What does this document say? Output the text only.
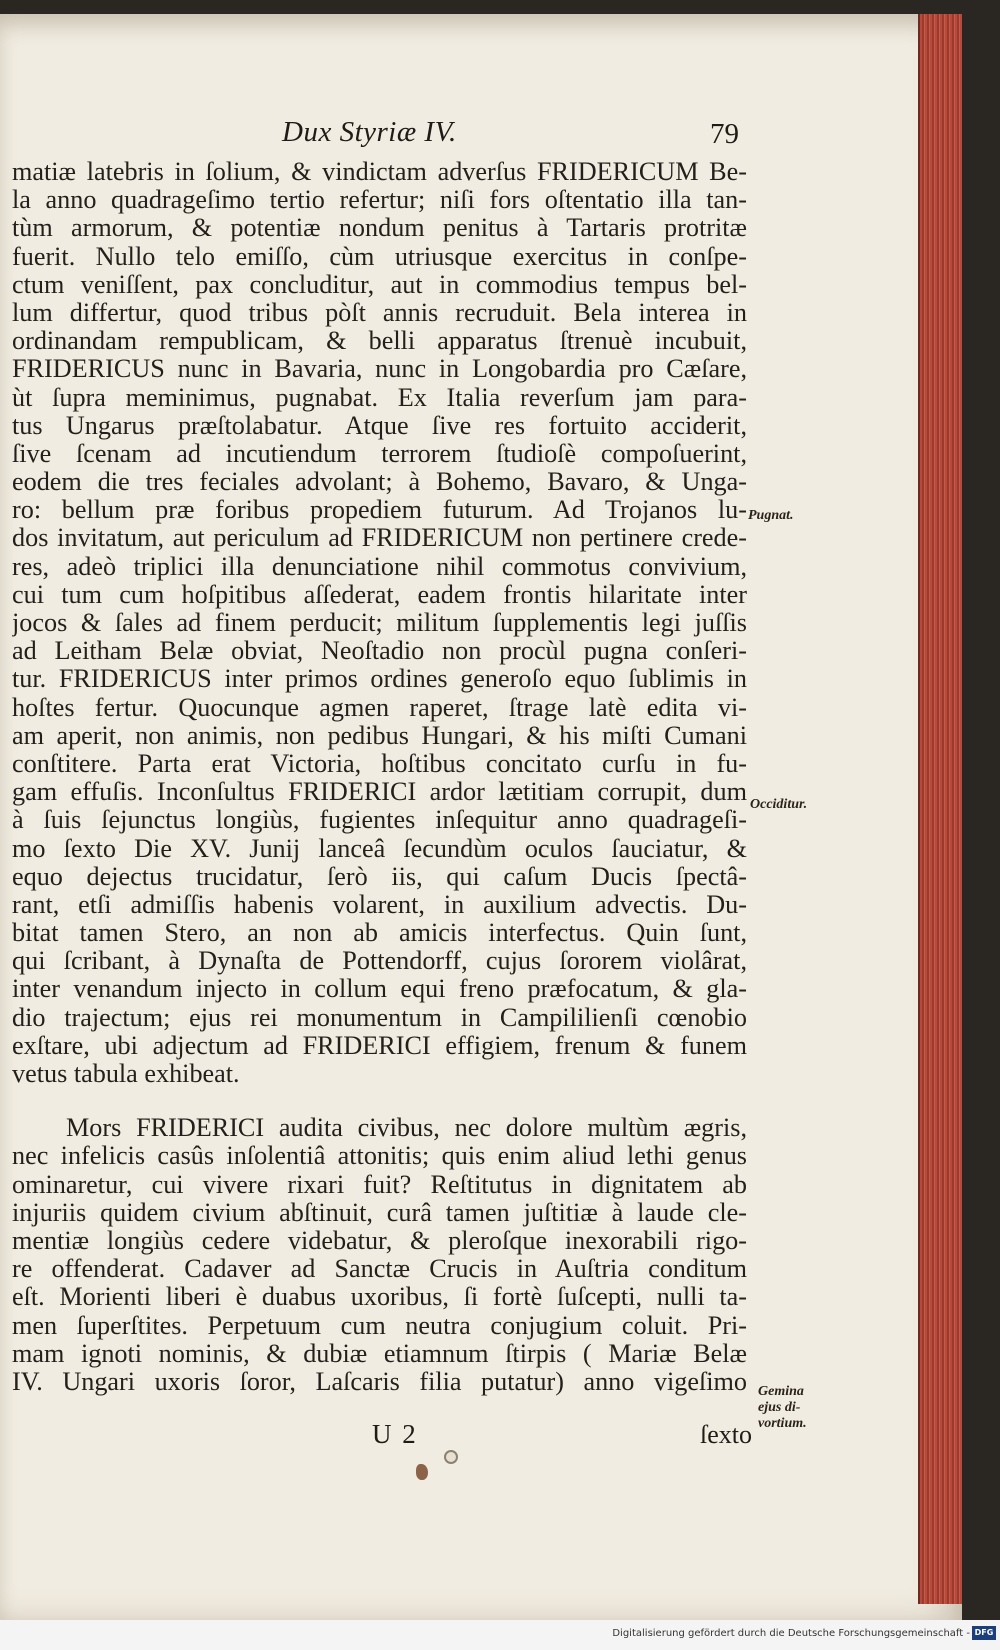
Dux Styriæ IV.	79
matiæ latebris in ſolium, & vindictam adverſus FRIDERICUM Be-
la anno quadrageſimo tertio refertur; niſi fors oſtentatio illa tan-
tùm armorum, & potentiæ nondum penitus à Tartaris protritæ
fuerit. Nullo telo emiſſo, cùm utriusque exercitus in conſpe-
ctum veniſſent, pax concluditur, aut in commodius tempus bel-
lum differtur, quod tribus pòſt annis recruduit. Bela interea in
ordinandam rempublicam, & belli apparatus ſtrenuè incubuit,
FRIDERICUS nunc in Bavaria, nunc in Longobardia pro Cæſare,
ùt ſupra meminimus, pugnabat. Ex Italia reverſum jam para-
tus Ungarus præſtolabatur. Atque ſive res fortuito acciderit,
ſive ſcenam ad incutiendum terrorem ſtudioſè compoſuerint,
eodem die tres feciales advolant; à Bohemo, Bavaro, & Unga-
ro: bellum præ foribus propediem futurum. Ad Trojanos lu-
dos invitatum, aut periculum ad FRIDERICUM non pertinere crede-
res, adeò triplici illa denunciatione nihil commotus convivium,
cui tum cum hoſpitibus aſſederat, eadem frontis hilaritate inter
jocos & ſales ad finem perducit; militum ſupplementis legi juſſis
ad Leitham Belæ obviat, Neoſtadio non procùl pugna conſeri-
tur. FRIDERICUS inter primos ordines generoſo equo ſublimis in
hoſtes fertur. Quocunque agmen raperet, ſtrage latè edita vi-
am aperit, non animis, non pedibus Hungari, & his miſti Cumani
conſtitere. Parta erat Victoria, hoſtibus concitato curſu in fu-
gam effuſis. Inconſultus FRIDERICI ardor lætitiam corrupit, dum
à ſuis ſejunctus longiùs, fugientes inſequitur anno quadrageſi-
mo ſexto Die XV. Junij lanceâ ſecundùm oculos ſauciatur, &
equo dejectus trucidatur, ſerò iis, qui caſum Ducis ſpectâ-
rant, etſi admiſſis habenis volarent, in auxilium advectis. Du-
bitat tamen Stero, an non ab amicis interfectus. Quin ſunt,
qui ſcribant, à Dynaſta de Pottendorff, cujus ſororem violârat,
inter venandum injecto in collum equi freno præfocatum, & gla-
dio trajectum; ejus rei monumentum in Campililienſi cœnobio
exſtare, ubi adjectum ad FRIDERICI effigiem, frenum & funem
vetus tabula exhibeat.
Mors FRIDERICI audita civibus, nec dolore multùm ægris,
nec infelicis casûs inſolentiâ attonitis; quis enim aliud lethi genus
ominaretur, cui vivere rixari fuit? Reſtitutus in dignitatem ab
injuriis quidem civium abſtinuit, curâ tamen juſtitiæ à laude cle-
mentiæ longiùs cedere videbatur, & pleroſque inexorabili rigo-
re offenderat. Cadaver ad Sanctæ Crucis in Auſtria conditum
eſt. Morienti liberi è duabus uxoribus, ſi fortè ſuſcepti, nulli ta-
men ſuperſtites. Perpetuum cum neutra conjugium coluit. Pri-
mam ignoti nominis, & dubiæ etiamnum ſtirpis ( Mariæ Belæ
IV. Ungari uxoris ſoror, Laſcaris filia putatur) anno vigeſimo
Pugnat.
Occiditur.
Gemina
ejus di-
vortium.
U 2	ſexto
Digitalisierung gefördert durch die Deutsche Forschungsgemeinschaft - DFG
